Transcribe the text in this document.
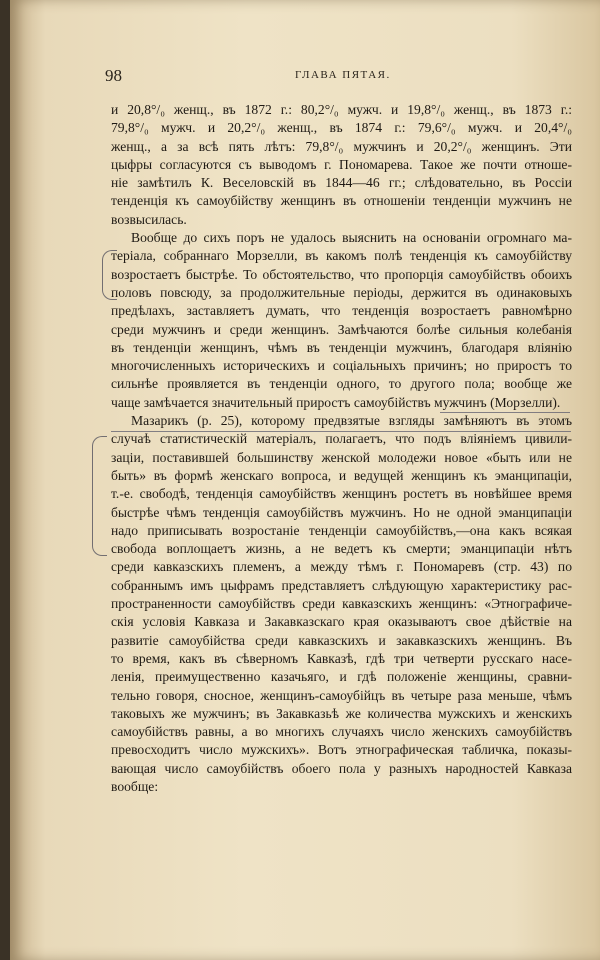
98	ГЛАВА ПЯТАЯ.

и 20,8°/₀ женщ., въ 1872 г.: 80,2°/₀ мужч. и 19,8°/₀ женщ., въ 1873 г.:
79,8°/₀ мужч. и 20,2°/₀ женщ., въ 1874 г.: 79,6°/₀ мужч. и 20,4°/₀
женщ., а за всѣ пять лѣтъ: 79,8°/₀ мужчинъ и 20,2°/₀ женщинъ. Эти
цыфры согласуются съ выводомъ г. Пономарева. Такое же почти отноше-
ніе замѣтилъ К. Веселовскій въ 1844—46 гг.; слѣдовательно, въ Россіи
тенденція къ самоубійству женщинъ въ отношеніи тенденціи мужчинъ не
возвысилась.

Вообще до сихъ поръ не удалось выяснить на основаніи огромнаго ма-
теріала, собраннаго Морзелли, въ какомъ полѣ тенденція къ самоубійству
возростаетъ быстрѣе. То обстоятельство, что пропорція самоубійствъ обоихъ
половъ повсюду, за продолжительные періоды, держится въ одинаковыхъ
предѣлахъ, заставляетъ думать, что тенденція возростаетъ равномѣрно
среди мужчинъ и среди женщинъ. Замѣчаются болѣе сильныя колебанія
въ тенденціи женщинъ, чѣмъ въ тенденціи мужчинъ, благодаря вліянію
многочисленныхъ историческихъ и соціальныхъ причинъ; но приростъ то
сильнѣе проявляется въ тенденціи одного, то другого пола; вообще же
чаще замѣчается значительный приростъ самоубійствъ мужчинъ (Морзелли).

Мазарикъ (р. 25), которому предвзятые взгляды замѣняютъ въ этомъ
случаѣ статистическій матеріалъ, полагаетъ, что подъ вліяніемъ цивили-
заціи, поставившей большинству женской молодежи новое «быть или не
быть» въ формѣ женскаго вопроса, и ведущей женщинъ къ эманципаціи,
т.-е. свободѣ, тенденція самоубійствъ женщинъ ростетъ въ новѣйшее время
быстрѣе чѣмъ тенденція самоубійствъ мужчинъ. Но не одной эманципаціи
надо приписывать возростаніе тенденціи самоубійствъ,—она какъ всякая
свобода воплощаетъ жизнь, а не ведетъ къ смерти; эманципаціи нѣтъ
среди кавказскихъ племенъ, а между тѣмъ г. Пономаревъ (стр. 43) по
собраннымъ имъ цыфрамъ представляетъ слѣдующую характеристику рас-
пространенности самоубійствъ среди кавказскихъ женщинъ: «Этнографиче-
скія условія Кавказа и Закавказскаго края оказываютъ свое дѣйствіе на
развитіе самоубійства среди кавказскихъ и закавказскихъ женщинъ. Въ
то время, какъ въ сѣверномъ Кавказѣ, гдѣ три четверти русскаго насе-
ленія, преимущественно казачьяго, и гдѣ положеніе женщины, сравни-
тельно говоря, сносное, женщинъ-самоубійцъ въ четыре раза меньше, чѣмъ
таковыхъ же мужчинъ; въ Закавказьѣ же количества мужскихъ и женскихъ
самоубійствъ равны, а во многихъ случаяхъ число женскихъ самоубійствъ
превосходитъ число мужскихъ». Вотъ этнографическая табличка, показы-
вающая число самоубійствъ обоего пола у разныхъ народностей Кавказа
вообще:
